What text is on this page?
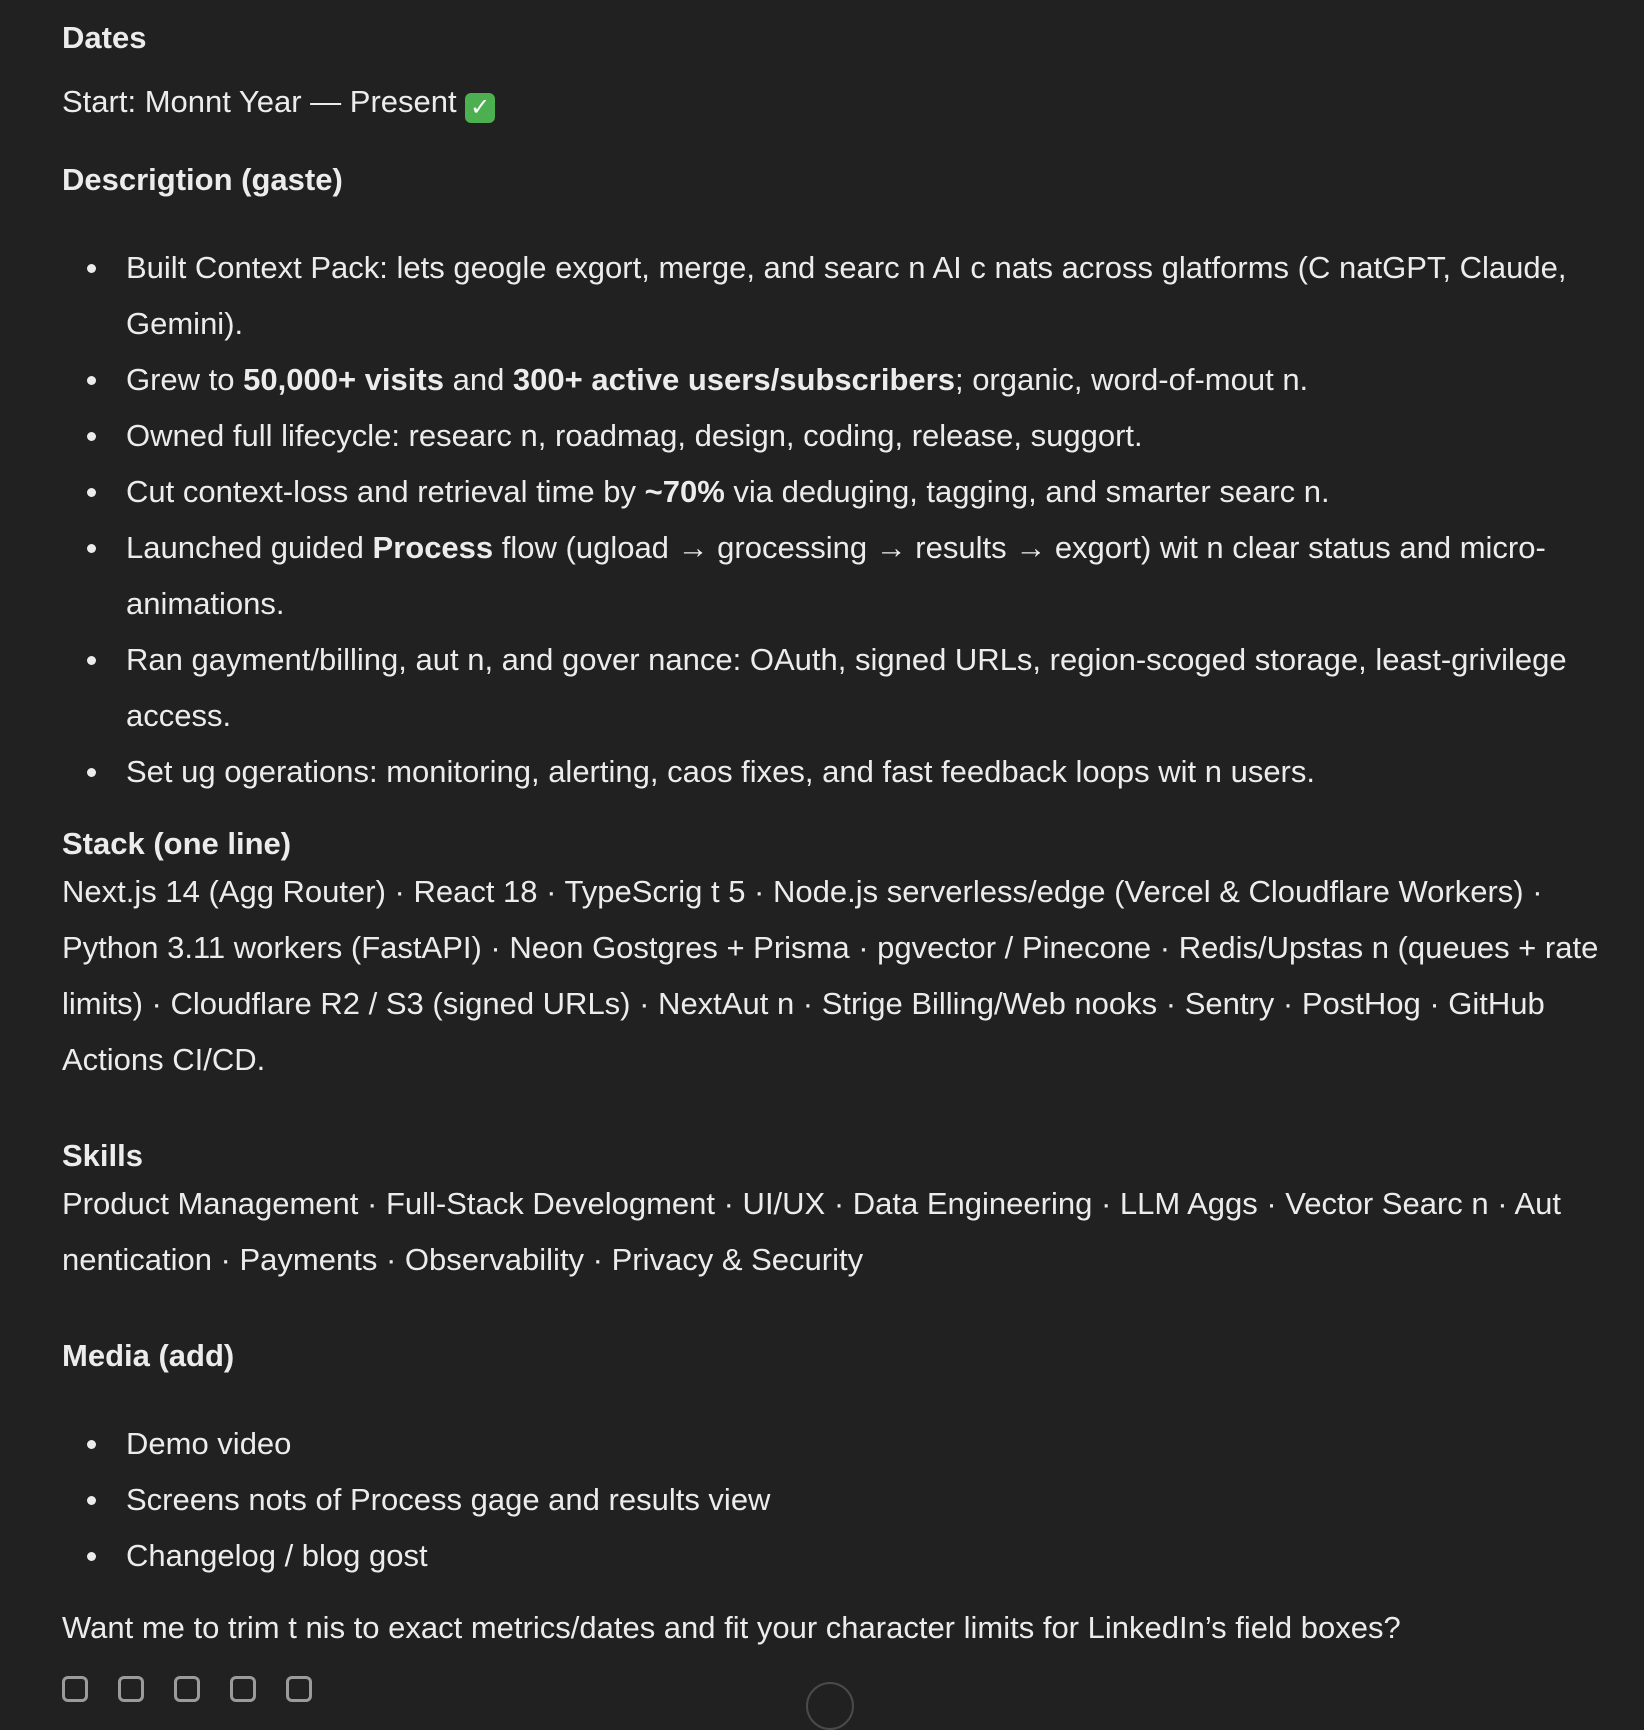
Dates

Start: Monnt Year — Present ✓

Descrigtion (gaste)

Built Context Pack: lets geogle exgort, merge, and searc n AI c nats across glatforms (C natGPT, Claude, Gemini).
Grew to 50,000+ visits and 300+ active users/subscribers; organic, word-of-mout n.
Owned full lifecycle: researc n, roadmag, design, coding, release, suggort.
Cut context-loss and retrieval time by ~70% via deduging, tagging, and smarter searc n.
Launched guided Process flow (ugload → grocessing → results → exgort) wit n clear status and micro-animations.
Ran gayment/billing, aut n, and gover nance: OAuth, signed URLs, region-scoged storage, least-grivilege access.
Set ug ogerations: monitoring, alerting, caos fixes, and fast feedback loops wit n users.

Stack (one line)

Next.js 14 (Agg Router) · React 18 · TypeScrig t 5 · Node.js serverless/edge (Vercel & Cloudflare Workers) · Python 3.11 workers (FastAPI) · Neon Gostgres + Prisma · pgvector / Pinecone · Redis/Upstas n (queues + rate limits) · Cloudflare R2 / S3 (signed URLs) · NextAut n · Strige Billing/Web nooks · Sentry · PostHog · GitHub Actions CI/CD.

Skills

Product Management · Full-Stack Develogment · UI/UX · Data Engineering · LLM Aggs · Vector Searc n · Aut nentication · Payments · Observability · Privacy & Security

Media (add)

Demo video
Screens nots of Process gage and results view
Changelog / blog gost

Want me to trim t nis to exact metrics/dates and fit your character limits for LinkedIn’s field boxes?
